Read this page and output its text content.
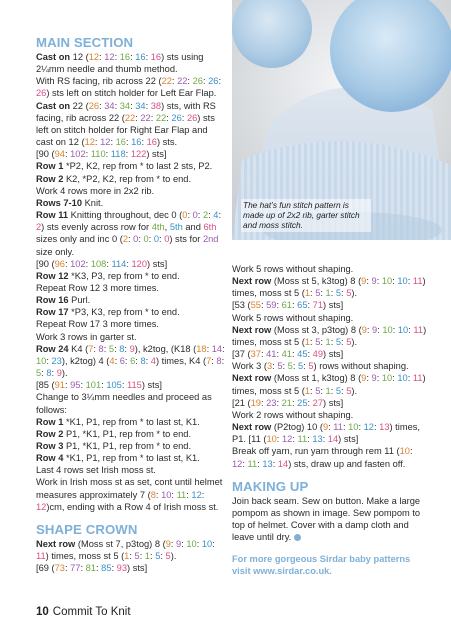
The hat’s fun stitch pattern is made up of 2x2 rib, garter stitch and moss stitch.
MAIN SECTION
Cast on 12 (12: 12: 16: 16: 16) sts using 2¼mm needle and thumb method.
With RS facing, rib across 22 (22: 22: 26: 26: 26) sts left on stitch holder for Left Ear Flap.
Cast on 22 (26: 34: 34: 34: 38) sts, with RS facing, rib across 22 (22: 22: 22: 26: 26) sts left on stitch holder for Right Ear Flap and cast on 12 (12: 12: 16: 16: 16) sts.
[90 (94: 102: 110: 118: 122) sts]
Row 1 *P2, K2, rep from * to last 2 sts, P2.
Row 2 K2, *P2, K2, rep from * to end.
Work 4 rows more in 2x2 rib.
Rows 7-10 Knit.
Row 11 Knitting throughout, dec 0 (0: 0: 2: 4: 2) sts evenly across row for 4th, 5th and 6th sizes only and inc 0 (2: 0: 0: 0: 0) sts for 2nd size only.
[90 (96: 102: 108: 114: 120) sts]
Row 12 *K3, P3, rep from * to end.
Repeat Row 12 3 more times.
Row 16 Purl.
Row 17 *P3, K3, rep from * to end.
Repeat Row 17 3 more times.
Work 3 rows in garter st.
Row 24 K4 (7: 8: 5: 8: 9), k2tog, (K18 (18: 14: 10: 23), k2tog) 4 (4: 6: 6: 8: 4) times, K4 (7: 8: 5: 8: 9).
[85 (91: 95: 101: 105: 115) sts]
Change to 3¼mm needles and proceed as follows:
Row 1 *K1, P1, rep from * to last st, K1.
Row 2 P1, *K1, P1, rep from * to end.
Row 3 P1, *K1, P1, rep from * to end.
Row 4 *K1, P1, rep from * to last st, K1.
Last 4 rows set Irish moss st.
Work in Irish moss st as set, cont until helmet measures approximately 7 (8: 10: 11: 12: 12)cm, ending with a Row 4 of Irish moss st.
SHAPE CROWN
Next row (Moss st 7, p3tog) 8 (9: 9: 10: 10: 11) times, moss st 5 (1: 5: 1: 5: 5).
[69 (73: 77: 81: 85: 93) sts]
Work 5 rows without shaping.
Next row (Moss st 5, k3tog) 8 (9: 9: 10: 10: 11) times, moss st 5 (1: 5: 1: 5: 5).
[53 (55: 59: 61: 65: 71) sts]
Work 5 rows without shaping.
Next row (Moss st 3, p3tog) 8 (9: 9: 10: 10: 11) times, moss st 5 (1: 5: 1: 5: 5).
[37 (37: 41: 41: 45: 49) sts]
Work 3 (3: 5: 5: 5: 5) rows without shaping.
Next row (Moss st 1, k3tog) 8 (9: 9: 10: 10: 11) times, moss st 5 (1: 5: 1: 5: 5).
[21 (19: 23: 21: 25: 27) sts]
Work 2 rows without shaping.
Next row (P2tog) 10 (9: 11: 10: 12: 13) times, P1. [11 (10: 12: 11: 13: 14) sts]
Break off yarn, run yarn through rem 11 (10: 12: 11: 13: 14) sts, draw up and fasten off.
MAKING UP
Join back seam. Sew on button. Make a large pompom as shown in image. Sew pompom to top of helmet. Cover with a damp cloth and leave until dry.
For more gorgeous Sirdar baby patterns visit www.sirdar.co.uk.
10 Commit To Knit
